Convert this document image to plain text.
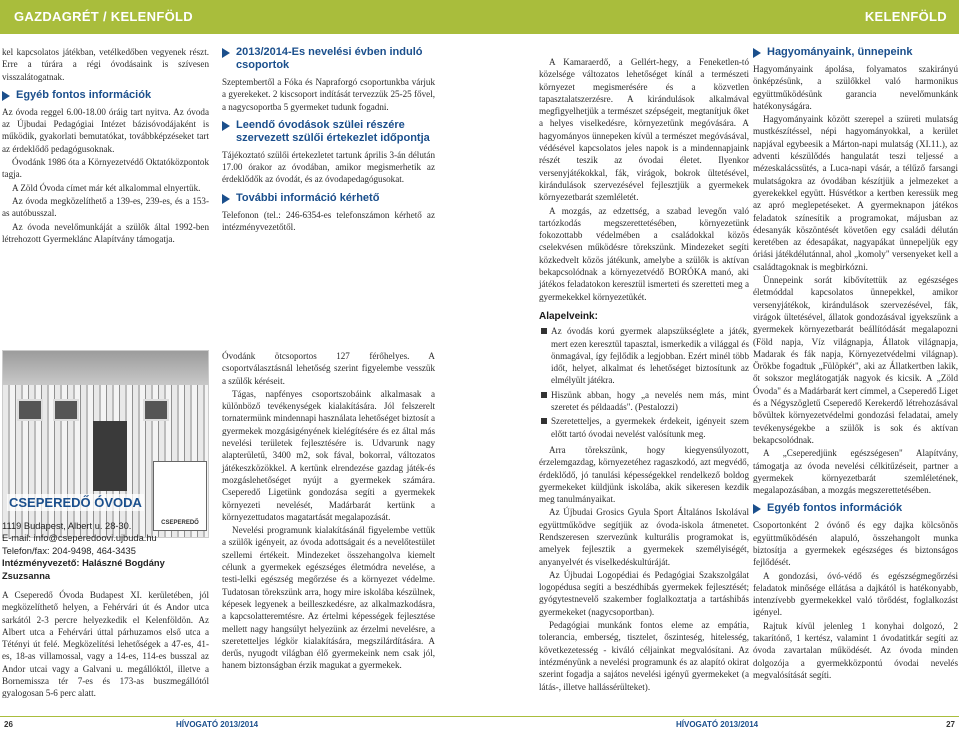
GAZDAGRÉT / KELENFÖLD	KELENFÖLD

kel kapcsolatos játékban, vetélkedőben vegyenek részt. Erre a túrára a régi óvodásaink is szívesen visszalátogatnak.

Egyéb fontos információk

Az óvoda reggel 6.00-18.00 óráig tart nyitva. Az óvoda az Újbudai Pedagógiai Intézet bázisóvodájaként is működik, gyakorlati bemutatókat, továbbképzéseket tart az érdeklődő pedagógusoknak.

Óvodánk 1986 óta a Környezetvédő Oktatóközpontok tagja.

A Zöld Óvoda címet már két alkalommal elnyertük.

Az óvoda megközelíthető a 139-es, 239-es, és a 153-as autóbusszal.

Az óvoda nevelőmunkáját a szülők által 1992-ben létrehozott Gyermeklánc Alapítvány támogatja.

CSEPEREDŐ
CSEPEREDŐ ÓVODA
1119 Budapest, Albert u. 28-30.
E-mail: info@cseperedoovi.ujbuda.hu
Telefon/fax: 204-9498, 464-3435
Intézményvezető: Halászné Bogdány Zsuzsanna

A Cseperedő Óvoda Budapest XI. kerületében, jól megközelíthető helyen, a Fehérvári út és Andor utca sarkától 2-3 percre helyezkedik el Kelenföldön. Az Albert utca a Fehérvári úttal párhuzamos első utca a Tétényi út felé. Megközelítési lehetőségek a 47-es, 41-es, 18-as villamossal, vagy a 14-es, 114-es busszal az Andor utcai vagy a Galvani u. megállóktól, illetve a Bornemissza tér 7-es és 173-as buszmegállótól gyalogosan 5-6 perc alatt.

2013/2014-Es nevelési évben induló csoportok

Szeptembertől a Fóka és Napraforgó csoportunkba várjuk a gyerekeket. 2 kiscsoport indítását tervezzük 25-25 fővel, a nagycsoportba 5 gyermeket tudunk fogadni.

Leendő óvodások szülei részére szervezett szülői értekezlet időpontja

Tájékoztató szülői értekezletet tartunk április 3-án délután 17.00 órakor az óvodában, amikor megismerhetik az érdeklődők az óvodát, és az óvodapedagógusokat.

További információ kérhető

Telefonon (tel.: 246-6354-es telefonszámon kérhető az intézményvezetőtől.

Óvodánk ötcsoportos 127 férőhelyes. A csoportválasztásnál lehetőség szerint figyelembe vesszük a szülők kéréseit.

Tágas, napfényes csoportszobáink alkalmasak a különböző tevékenységek kialakítására. Jól felszerelt tornatermünk mindennapi használata lehetőséget biztosít a gyermekek mozgásigényének kielégítésére és ez által más nevelési területek fejlesztésére is. Udvarunk nagy alapterületű, 3400 m2, sok fával, bokorral, változatos játékeszközökkel. A kertünk elrendezése gazdag játék-és mozgáslehetőséget nyújt a gyermekek számára. Cseperedő Ligetünk gondozása segíti a gyermekek környezeti nevelését, Madárbarát kertünk a környezettudatos magatartását megalapozását.

Nevelési programunk kialakításánál figyelembe vettük a szülők igényeit, az óvoda adottságait és a nevelőtestület szellemi értékeit. Mindezeket összehangolva kiemelt célunk a gyermekek egészséges életmódra nevelése, a testi-lelki egészség megőrzése és a környezet védelme. Tudatosan törekszünk arra, hogy mire iskolába készülnek, képesek legyenek a beilleszkedésre, az alkalmazkodásra, a kapcsolatteremtésre. Az értelmi képességek fejlesztése mellett nagy hangsúlyt helyezünk az érzelmi nevelésre, a szeretetteljes légkör kialakítására, megszilárdítására. A derűs, nyugodt világban élő gyermekeink nem csak jól, hanem biztonságban érzik magukat a gyermekek.

A Kamaraerdő, a Gellért-hegy, a Feneketlen-tó közelsége változatos lehetőséget kínál a természeti környezet megismerésére és a közvetlen tapasztalatszerzésre. A kirándulások alkalmával megfigyelhetjük a természet szépségeit, megtanítjuk őket a helyes viselkedésre, környezetünk megóvására. A hagyományos ünnepeken kívül a természet megóvásával, védésével kapcsolatos jeles napok is a mindennapjaink részét teszik az óvodai életet. Ilyenkor versenyjátékokkal, fák, virágok, bokrok ültetésével, kirándulások szervezésével fejlesztjük a gyermekek környezetbarát szemléletét.

A mozgás, az edzettség, a szabad levegőn való tartózkodás megszerettetésében, környezetünk fokozottabb védelmében a családokkal közös cselekvésen működésre törekszünk. Mindezeket segíti közkedvelt közös játékunk, amelybe a szülők is aktívan bekapcsolódnak a környezetvédő BORÓKA manó, aki játékos feladatokon keresztül ismerteti és szeretteti meg a gyermekekkel környezetükét.

Alapelveink:
Az óvodás korú gyermek alapszükséglete a játék, mert ezen keresztül tapasztal, ismerkedik a világgal és önmagával, így fejlődik a legjobban. Ezért minél több időt, helyet, alkalmat és lehetőséget biztosítunk az elmélyült játékra.
Hiszünk abban, hogy „a nevelés nem más, mint szeretet és példaadás". (Pestalozzi)
Szeretetteljes, a gyermekek érdekeit, igényeit szem előtt tartó óvodai nevelést valósítunk meg.

Arra törekszünk, hogy kiegyensúlyozott, érzelemgazdag, környezetéhez ragaszkodó, azt megvédő, érdeklődő, jó tanulási képességekkel rendelkező boldog gyermekeket küldjünk iskolába, akik sikeresen kezdik meg tanulmányaikat.

Az Újbudai Grosics Gyula Sport Általános Iskolával együttműködve segítjük az óvoda-iskola átmenetet. Rendszeresen szervezünk kulturális programokat is, amelyek fejlesztik a gyermekek személyiségét, anyanyelvét és viselkedéskultúráját.

Az Újbudai Logopédiai és Pedagógiai Szakszolgálat logopédusa segíti a beszédhibás gyermekek fejlesztését; gyógytestnevelő szakember foglalkoztatja a tartáshibás gyermekeket (nagycsoportban).

Pedagógiai munkánk fontos eleme az empátia, tolerancia, emberség, tisztelet, őszinteség, hitelesség, következetesség - kiváló céljainkat megvalósítani. Az intézményünk a nevelési programunk és az alapító okirat szerint fogadja a sajátos nevelési igényű gyermekeket (a látás-, illetve hallássérülteket).

Hagyományaink, ünnepeink

Hagyományaink ápolása, folyamatos szakirányú önképzésünk, a szülőkkel való harmonikus együttműködésünk garancia nevelőmunkánk hatékonyságára.

Hagyományaink között szerepel a szüreti mulatság mustkészítéssel, népi hagyományokkal, a kerület napjával egybeesik a Márton-napi mulatság (XI.11.), az adventi készülődés hangulatát teszi teljessé a mézeskalácssütés, a Luca-napi vásár, a télűző farsangi mulatságokra az óvodában készítjük a jelmezeket a gyerekekkel együtt. Húsvétkor a kertben keressük meg az apró meglepetéseket. A gyermeknapon játékos feladatok színesítik a programokat, májusban az édesanyák köszöntését követően egy családi délután keretében az édesapákat, nagyapákat ünnepeljük egy óriási játékdélutánnal, ahol „komoly" versenyeket kell a családtagoknak is megbirkózni.

Ünnepeink sorát kibővítettük az egészséges életmóddal kapcsolatos ünnepekkel, amikor versenyjátékok, kirándulások szervezésével, fák, virágok ültetésével, állatok gondozásával igyekszünk a gyermekek környezetbarát beállítódását megalapozni (Föld napja, Víz világnapja, Állatok világnapja, Madarak és fák napja, Környezetvédelmi világnap). Örökbe fogadtuk „Fülöpkét", aki az Állatkertben lakik, őt sokszor meglátogatják nagyok és kicsik. A „Zöld Óvoda" és a Madárbarát kert címmel, a Cseperedő Liget és a Négyszögletű Cseperedő Kerekerdő létrehozásával bővültek környezetvédelmi gondozási feladatai, amely tevékenységekbe a szülők is sok és aktívan bekapcsolódnak.

A „Cseperedjünk egészségesen" Alapítvány, támogatja az óvoda nevelési célkitűzéseit, partner a gyermekek környezetbarát szemléletének, megalapozásában, a mozgás megszerettetésében.

Egyéb fontos információk

Csoportonként 2 óvónő és egy dajka kölcsönös együttműködésén alapuló, összehangolt munka biztosítja a gyermekek egészséges és biztonságos fejlődését.

A gondozási, óvó-védő és egészségmegőrzési feladatok minősége ellátása a dajkától is hatékonyabb, intenzívebb gyermekekkel való törődést, foglalkozást igényel.

Rajtuk kívül jelenleg 1 konyhai dolgozó, 2 takarítónő, 1 kertész, valamint 1 óvodatitkár segíti az óvoda zavartalan működését. Az óvoda minden dolgozója a gyermekközpontú óvodai nevelés megvalósítását segíti.

26	HÍVOGATÓ 2013/2014	HÍVOGATÓ 2013/2014	27
